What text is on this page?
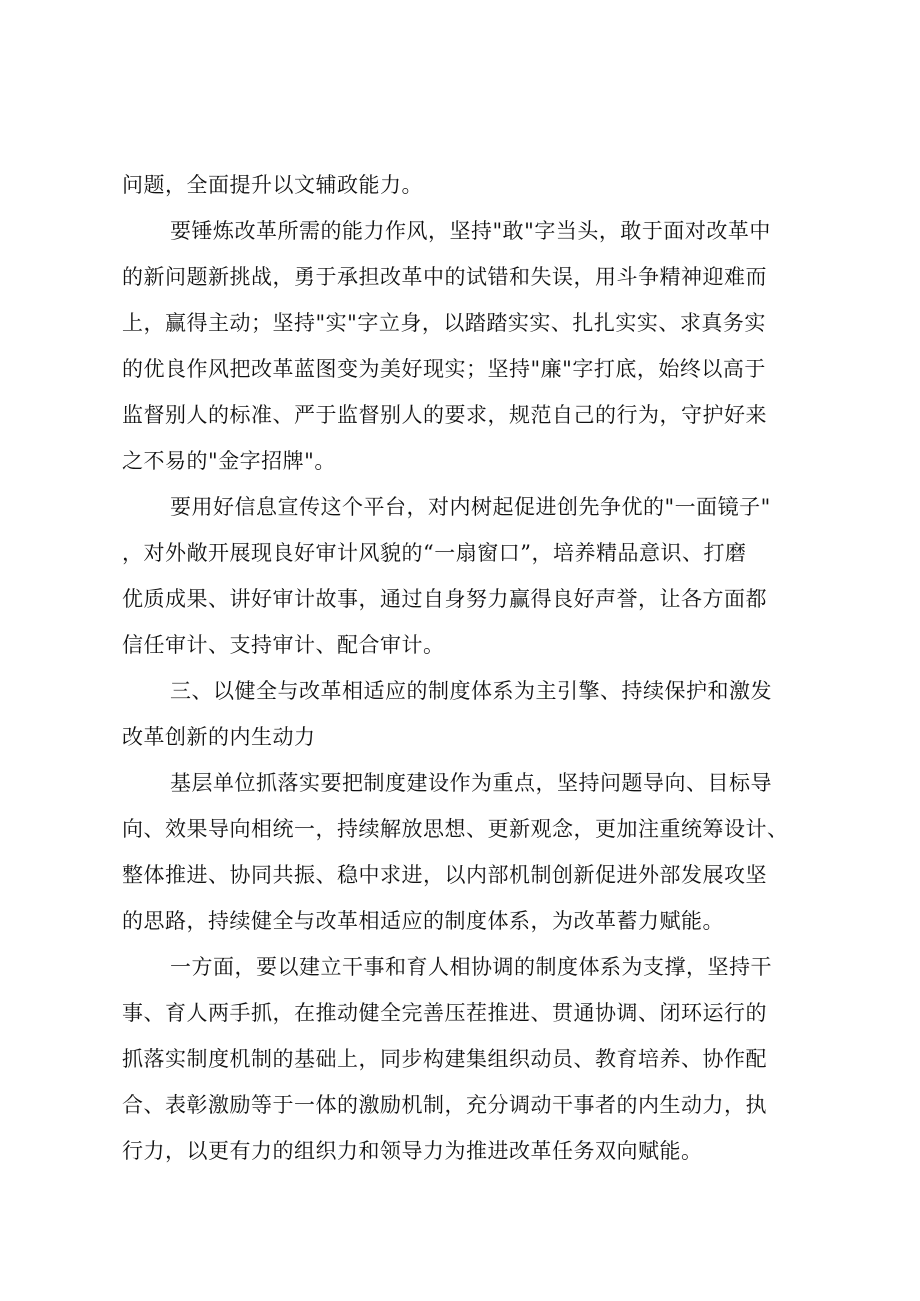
问题，全面提升以文辅政能力。
要锤炼改革所需的能力作风，坚持"敢"字当头，敢于面对改革中
的新问题新挑战，勇于承担改革中的试错和失误，用斗争精神迎难而
上，赢得主动；坚持"实"字立身，以踏踏实实、扎扎实实、求真务实
的优良作风把改革蓝图变为美好现实；坚持"廉"字打底，始终以高于
监督别人的标准、严于监督别人的要求，规范自己的行为，守护好来
之不易的"金字招牌"。
要用好信息宣传这个平台，对内树起促进创先争优的"一面镜子"
，对外敞开展现良好审计风貌的“一扇窗口”，培养精品意识、打磨
优质成果、讲好审计故事，通过自身努力赢得良好声誉，让各方面都
信任审计、支持审计、配合审计。
三、以健全与改革相适应的制度体系为主引擎、持续保护和激发
改革创新的内生动力
基层单位抓落实要把制度建设作为重点，坚持问题导向、目标导
向、效果导向相统一，持续解放思想、更新观念，更加注重统筹设计、
整体推进、协同共振、稳中求进，以内部机制创新促进外部发展攻坚
的思路，持续健全与改革相适应的制度体系，为改革蓄力赋能。
一方面，要以建立干事和育人相协调的制度体系为支撑，坚持干
事、育人两手抓，在推动健全完善压茬推进、贯通协调、闭环运行的
抓落实制度机制的基础上，同步构建集组织动员、教育培养、协作配
合、表彰激励等于一体的激励机制，充分调动干事者的内生动力，执
行力，以更有力的组织力和领导力为推进改革任务双向赋能。
